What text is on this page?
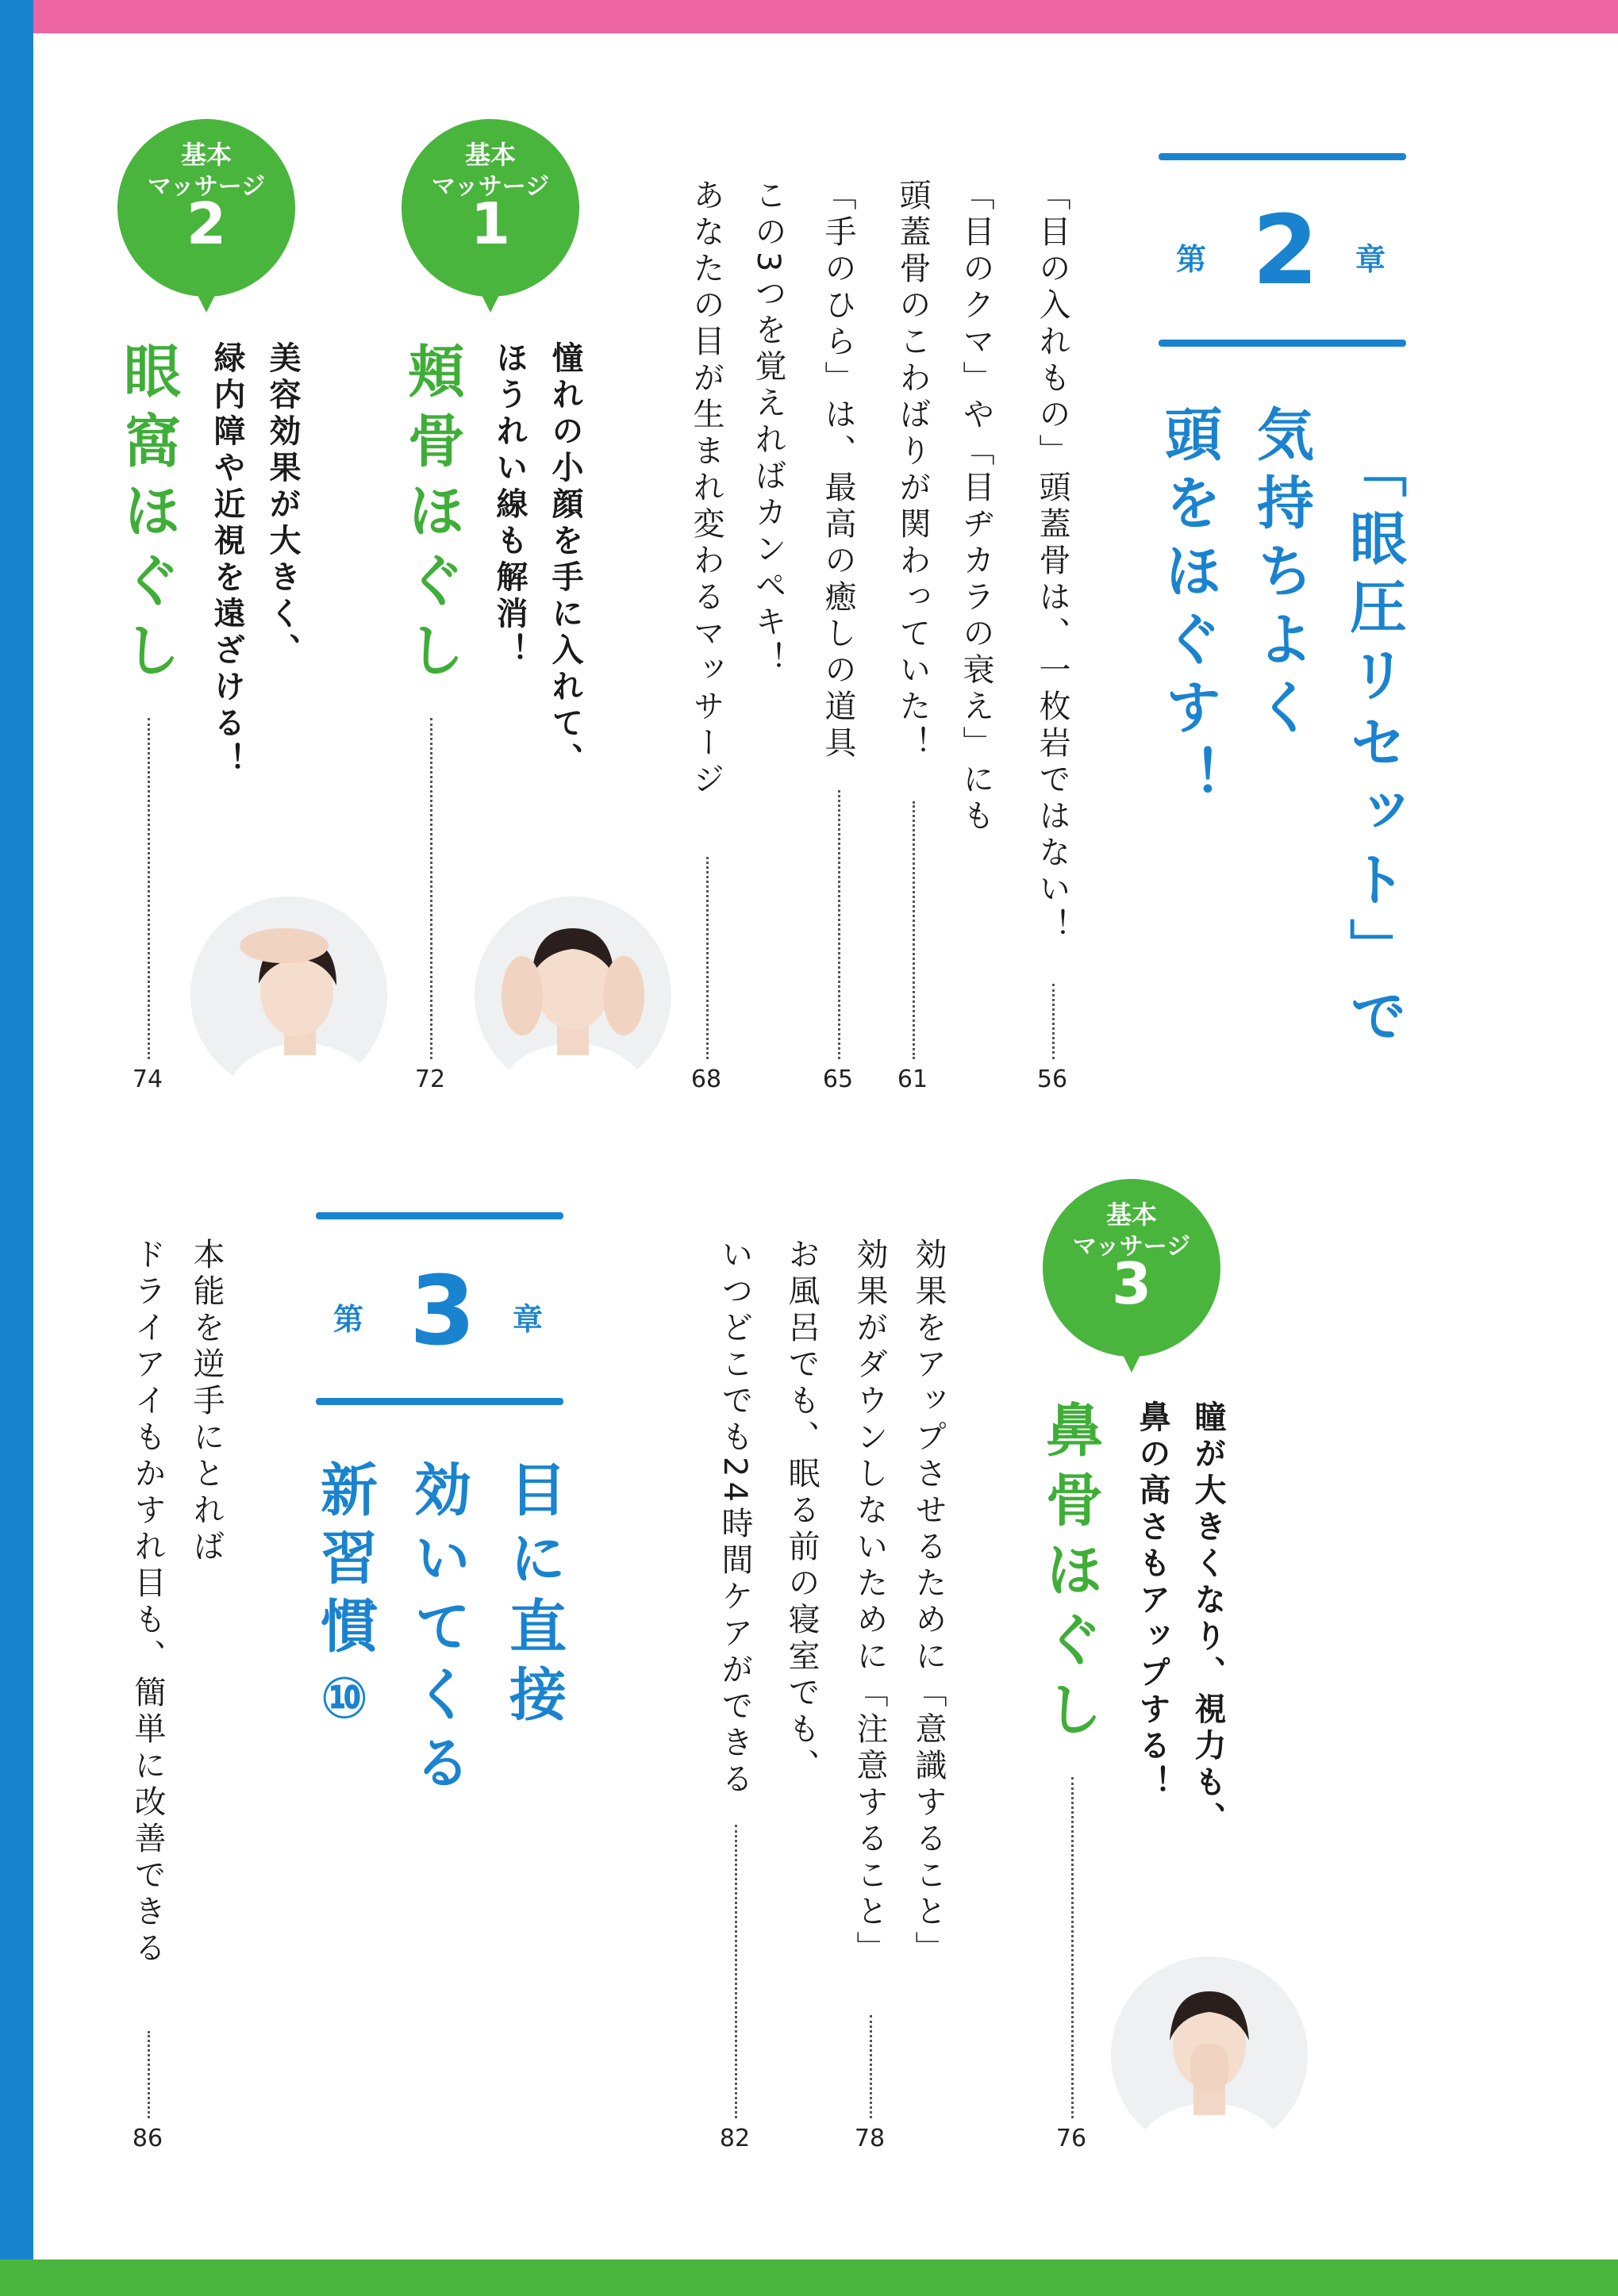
第 2 章
「眼圧リセット」で
気持ちよく
頭をほぐす！
「目の入れもの」頭蓋骨は、一枚岩ではない！
56
「目のクマ」や「目ヂカラの衰え」にも
頭蓋骨のこわばりが関わっていた！
61
「手のひら」は、最高の癒しの道具
65
この3つを覚えればカンペキ！
あなたの目が生まれ変わるマッサージ
68
基本
マッサージ
1
憧れの小顔を手に入れて、
ほうれい線も解消！
頬骨ほぐし
72
基本
マッサージ
2
美容効果が大きく、
緑内障や近視を遠ざける！
眼窩ほぐし
74
基本
マッサージ
3
瞳が大きくなり、視力も、
鼻の高さもアップする！
鼻骨ほぐし
76
第 3 章
目に直接
効いてくる
新習慣⑩	効果をアップさせるために「意識すること」
効果がダウンしないために「注意すること」
78
お風呂でも、眠る前の寝室でも、
いつどこでも24時間ケアができる
82
本能を逆手にとれば
ドライアイもかすれ目も、簡単に改善できる
86
